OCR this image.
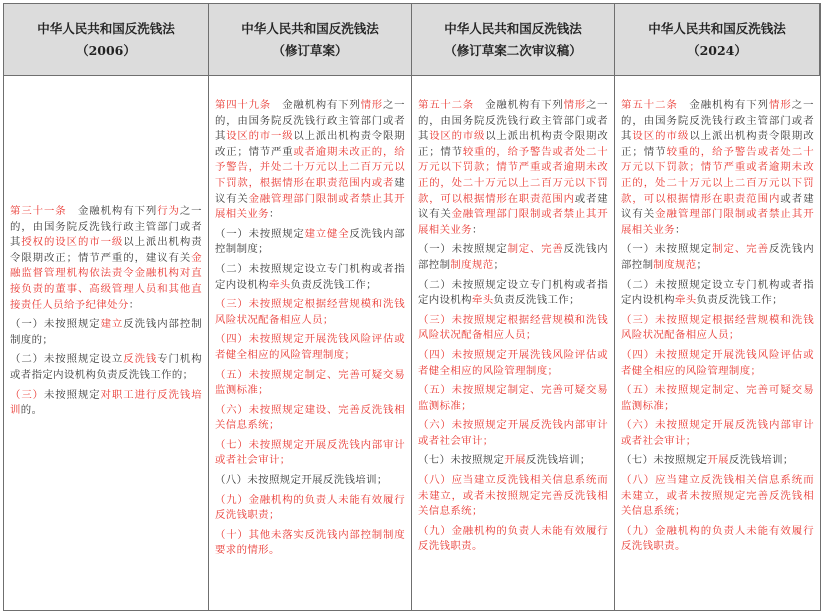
中华人民共和国反洗钱法
（2006）
中华人民共和国反洗钱法
（修订草案）
中华人民共和国反洗钱法
（修订草案二次审议稿）
中华人民共和国反洗钱法
（2024）

第三十一条　金融机构有下列行为之一的，由国务院反洗钱行政主管部门或者其授权的设区的市一级以上派出机构责令限期改正；情节严重的，建议有关金融监督管理机构依法责令金融机构对直接负责的董事、高级管理人员和其他直接责任人员给予纪律处分：

（一）未按照规定建立反洗钱内部控制制度的；

（二）未按照规定设立反洗钱专门机构或者指定内设机构负责反洗钱工作的；

（三）未按照规定对职工进行反洗钱培训的。

第四十九条　金融机构有下列情形之一的，由国务院反洗钱行政主管部门或者其设区的市一级以上派出机构责令限期改正；情节严重或者逾期未改正的，给予警告，并处二十万元以上二百万元以下罚款，根据情形在职责范围内或者建议有关金融管理部门限制或者禁止其开展相关业务：

（一）未按照规定建立健全反洗钱内部控制制度；

（二）未按照规定设立专门机构或者指定内设机构牵头负责反洗钱工作；

（三）未按照规定根据经营规模和洗钱风险状况配备相应人员；

（四）未按照规定开展洗钱风险评估或者健全相应的风险管理制度；

（五）未按照规定制定、完善可疑交易监测标准；

（六）未按照规定建设、完善反洗钱相关信息系统；

（七）未按照规定开展反洗钱内部审计或者社会审计；

（八）未按照规定开展反洗钱培训；

（九）金融机构的负责人未能有效履行反洗钱职责；

（十）其他未落实反洗钱内部控制制度要求的情形。

第五十二条　金融机构有下列情形之一的，由国务院反洗钱行政主管部门或者其设区的市级以上派出机构责令限期改正；情节较重的，给予警告或者处二十万元以下罚款；情节严重或者逾期未改正的，处二十万元以上二百万元以下罚款，可以根据情形在职责范围内或者建议有关金融管理部门限制或者禁止其开展相关业务：

（一）未按照规定制定、完善反洗钱内部控制制度规范；

（二）未按照规定设立专门机构或者指定内设机构牵头负责反洗钱工作；

（三）未按照规定根据经营规模和洗钱风险状况配备相应人员；

（四）未按照规定开展洗钱风险评估或者健全相应的风险管理制度；

（五）未按照规定制定、完善可疑交易监测标准；

（六）未按照规定开展反洗钱内部审计或者社会审计；

（七）未按照规定开展反洗钱培训；

（八）应当建立反洗钱相关信息系统而未建立，或者未按照规定完善反洗钱相关信息系统；

（九）金融机构的负责人未能有效履行反洗钱职责。

第五十二条　金融机构有下列情形之一的，由国务院反洗钱行政主管部门或者其设区的市级以上派出机构责令限期改正；情节较重的，给予警告或者处二十万元以下罚款；情节严重或者逾期未改正的，处二十万元以上二百万元以下罚款，可以根据情形在职责范围内或者建议有关金融管理部门限制或者禁止其开展相关业务：

（一）未按照规定制定、完善反洗钱内部控制制度规范；

（二）未按照规定设立专门机构或者指定内设机构牵头负责反洗钱工作；

（三）未按照规定根据经营规模和洗钱风险状况配备相应人员；

（四）未按照规定开展洗钱风险评估或者健全相应的风险管理制度；

（五）未按照规定制定、完善可疑交易监测标准；

（六）未按照规定开展反洗钱内部审计或者社会审计；

（七）未按照规定开展反洗钱培训；

（八）应当建立反洗钱相关信息系统而未建立，或者未按照规定完善反洗钱相关信息系统；

（九）金融机构的负责人未能有效履行反洗钱职责。
